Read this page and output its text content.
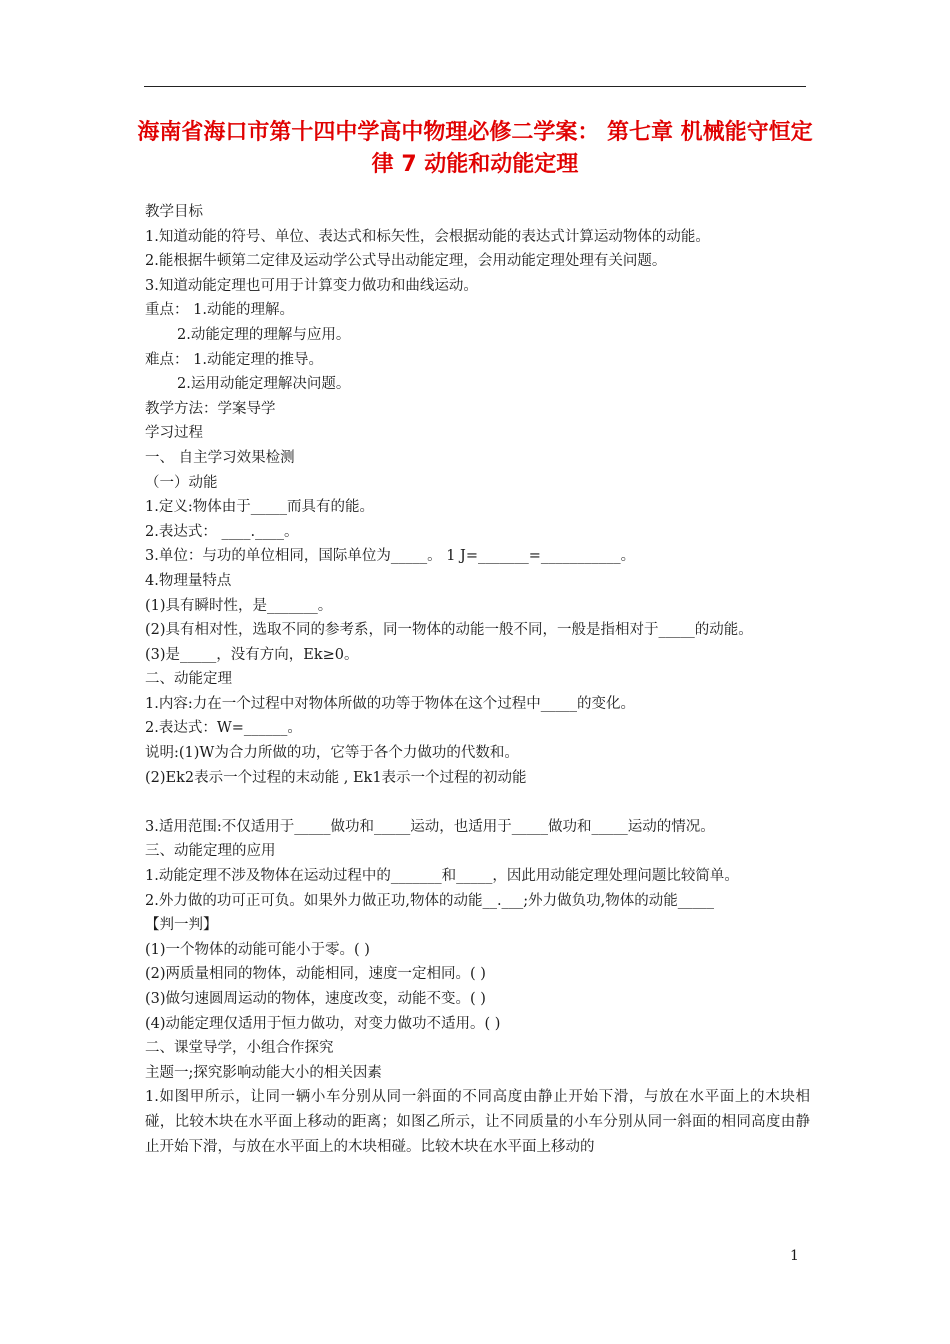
海南省海口市第十四中学高中物理必修二学案： 第七章 机械能守恒定律 7 动能和动能定理
教学目标
1.知道动能的符号、单位、表达式和标矢性，会根据动能的表达式计算运动物体的动能。
2.能根据牛顿第二定律及运动学公式导出动能定理，会用动能定理处理有关问题。
3.知道动能定理也可用于计算变力做功和曲线运动。
重点： 1.动能的理解。
2.动能定理的理解与应用。
难点： 1.动能定理的推导。
2.运用动能定理解决问题。
教学方法：学案导学
学习过程
一、 自主学习效果检测
（一）动能
1.定义:物体由于_____而具有的能。
2.表达式： ____.____。
3.单位：与功的单位相同，国际单位为_____。 1 J=_______=___________。
4.物理量特点
(1)具有瞬时性，是_______。
(2)具有相对性，选取不同的参考系，同一物体的动能一般不同，一般是指相对于_____的动能。
(3)是_____，没有方向，Ek≥0。
二、动能定理
1.内容:力在一个过程中对物体所做的功等于物体在这个过程中_____的变化。
2.表达式：W=______。
说明:(1)W为合力所做的功，它等于各个力做功的代数和。
(2)Ek2表示一个过程的末动能 , Ek1表示一个过程的初动能
3.适用范围:不仅适用于_____做功和_____运动，也适用于_____做功和_____运动的情况。
三、动能定理的应用
1.动能定理不涉及物体在运动过程中的_______和_____，因此用动能定理处理问题比较简单。
2.外力做的功可正可负。如果外力做正功,物体的动能__.___;外力做负功,物体的动能_____
【判一判】
(1)一个物体的动能可能小于零。( )
(2)两质量相同的物体，动能相同，速度一定相同。( )
(3)做匀速圆周运动的物体，速度改变，动能不变。( )
(4)动能定理仅适用于恒力做功，对变力做功不适用。( )
二、课堂导学，小组合作探究
主题一;探究影响动能大小的相关因素
1.如图甲所示，让同一辆小车分别从同一斜面的不同高度由静止开始下滑，与放在水平面上的木块相碰，比较木块在水平面上移动的距离；如图乙所示，让不同质量的小车分别从同一斜面的相同高度由静止开始下滑，与放在水平面上的木块相碰。比较木块在水平面上移动的
1
